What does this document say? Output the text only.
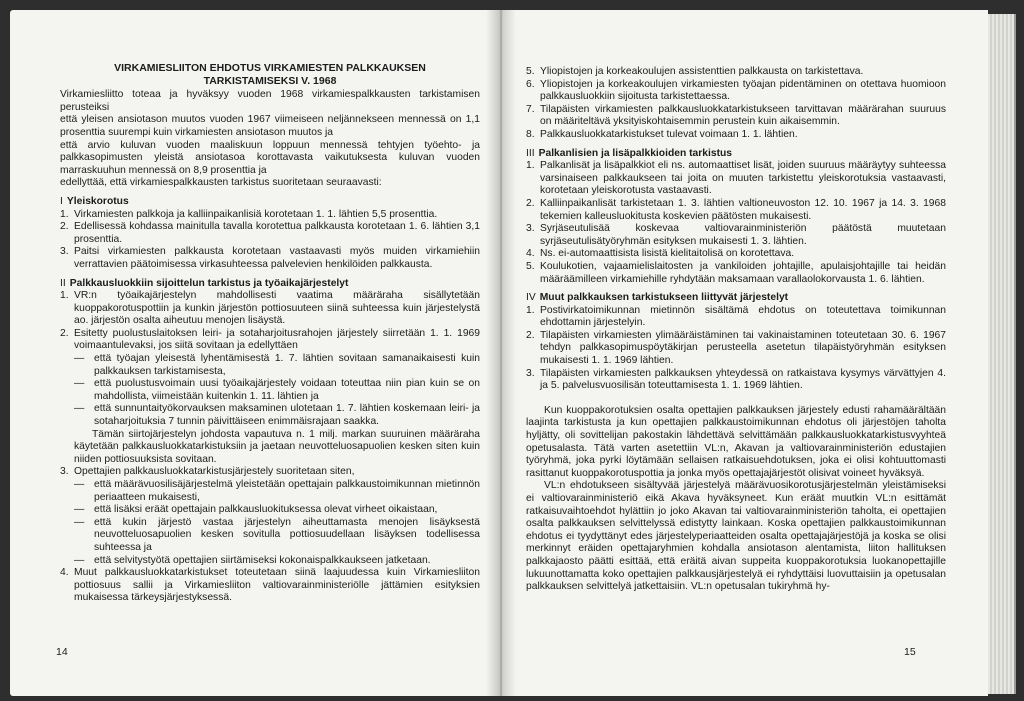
VIRKAMIESLIITON EHDOTUS VIRKAMIESTEN PALKKAUKSEN
TARKISTAMISEKSI V. 1968

Virkamiesliitto toteaa ja hyväksyy vuoden 1968 virkamiespalkkausten tarkistamisen perusteiksi

että yleisen ansiotason muutos vuoden 1967 viimeiseen neljännekseen mennessä on 1,1 prosenttia suurempi kuin virkamiesten ansiotason muutos ja

että arvio kuluvan vuoden maaliskuun loppuun mennessä tehtyjen työehto- ja palkkasopimusten yleistä ansiotasoa korottavasta vaikutuksesta kuluvan vuoden marraskuuhun mennessä on 8,9 prosenttia ja

edellyttää, että virkamiespalkkausten tarkistus suoritetaan seuraavasti:

I Yleiskorotus
1. Virkamiesten palkkoja ja kalliinpaikanlisiä korotetaan 1. 1. lähtien 5,5 prosenttia.
2. Edellisessä kohdassa mainitulla tavalla korotettua palkkausta korotetaan 1. 6. lähtien 3,1 prosenttia.
3. Paitsi virkamiesten palkkausta korotetaan vastaavasti myös muiden virkamiehiin verrattavien päätoimisessa virkasuhteessa palvelevien henkilöiden palkkausta.
II Palkkausluokkiin sijoittelun tarkistus ja työaikajärjestelyt
1. VR:n työaikajärjestelyn mahdollisesti vaatima määräraha sisällytetään kuoppakorotuspottiin ja kunkin järjestön pottiosuuteen siinä suhteessa kuin järjestelystä ao. järjestön osalta aiheutuu menojen lisäystä.
2. Esitetty puolustuslaitoksen leiri- ja sotaharjoitusrahojen järjestely siirretään 1. 1. 1969 voimaantulevaksi, jos siitä sovitaan ja edellyttäen
— että työajan yleisestä lyhentämisestä 1. 7. lähtien sovitaan samanaikaisesti kuin palkkauksen tarkistamisesta,
— että puolustusvoimain uusi työaikajärjestely voidaan toteuttaa niin pian kuin se on mahdollista, viimeistään kuitenkin 1. 11. lähtien ja
— että sunnuntaityökorvauksen maksaminen ulotetaan 1. 7. lähtien koskemaan leiri- ja sotaharjoituksia 7 tunnin päivittäiseen enimmäisrajaan saakka.

Tämän siirtojärjestelyn johdosta vapautuva n. 1 milj. markan suuruinen määräraha käytetään palkkausluokkatarkistuksiin ja jaetaan neuvotteluosapuolien kesken siten kuin niiden pottiosuuksista sovitaan.

3. Opettajien palkkausluokkatarkistusjärjestely suoritetaan siten,
— että määrävuosilisäjärjestelmä yleistetään opettajain palkkaustoimikunnan mietinnön periaatteen mukaisesti,
— että lisäksi eräät opettajain palkkausluokituksessa olevat virheet oikaistaan,
— että kukin järjestö vastaa järjestelyn aiheuttamasta menojen lisäyksestä neuvotteluosapuolien kesken sovitulla pottiosuudellaan lisäyksen todellisessa suhteessa ja
— että selvitystyötä opettajien siirtämiseksi kokonaispalkkaukseen jatketaan.
4. Muut palkkausluokkatarkistukset toteutetaan siinä laajuudessa kuin Virkamiesliiton pottiosuus sallii ja Virkamiesliiton valtiovarainministeriölle jättämien esityksien mukaisessa tärkeysjärjestyksessä.
14
5. Yliopistojen ja korkeakoulujen assistenttien palkkausta on tarkistettava.
6. Yliopistojen ja korkeakoulujen virkamiesten työajan pidentäminen on otettava huomioon palkkausluokkiin sijoitusta tarkistettaessa.
7. Tilapäisten virkamiesten palkkausluokkatarkistukseen tarvittavan määrärahan suuruus on määriteltävä yksityiskohtaisemmin perustein kuin aikaisemmin.
8. Palkkausluokkatarkistukset tulevat voimaan 1. 1. lähtien.
III Palkanlisien ja lisäpalkkioiden tarkistus
1. Palkanlisät ja lisäpalkkiot eli ns. automaattiset lisät, joiden suuruus määräytyy suhteessa varsinaiseen palkkaukseen tai joita on muuten tarkistettu yleiskorotuksia vastaavasti, korotetaan yleiskorotusta vastaavasti.
2. Kalliinpaikanlisät tarkistetaan 1. 3. lähtien valtioneuvoston 12. 10. 1967 ja 14. 3. 1968 tekemien kalleusluokitusta koskevien päätösten mukaisesti.
3. Syrjäseutulisää koskevaa valtiovarainministeriön päätöstä muutetaan syrjäseutulisätyöryhmän esityksen mukaisesti 1. 3. lähtien.
4. Ns. ei-automaattisista lisistä kielitaitolisä on korotettava.
5. Koulukotien, vajaamielislaitosten ja vankiloiden johtajille, apulaisjohtajille tai heidän määräämilleen virkamiehille ryhdytään maksamaan varallaolokorvausta 1. 6. lähtien.
IV Muut palkkauksen tarkistukseen liittyvät järjestelyt
1. Postivirkatoimikunnan mietinnön sisältämä ehdotus on toteutettava toimikunnan ehdottamin järjestelyin.
2. Tilapäisten virkamiesten ylimääräistäminen tai vakinaistaminen toteutetaan 30. 6. 1967 tehdyn palkkasopimuspöytäkirjan perusteella asetetun tilapäistyöryhmän esityksen mukaisesti 1. 1. 1969 lähtien.
3. Tilapäisten virkamiesten palkkauksen yhteydessä on ratkaistava kysymys värvättyjen 4. ja 5. palvelusvuosilisän toteuttamisesta 1. 1. 1969 lähtien.

Kun kuoppakorotuksien osalta opettajien palkkauksen järjestely edusti rahamäärältään laajinta tarkistusta ja kun opettajien palkkaustoimikunnan ehdotus oli järjestöjen taholta hyljätty, oli sovittelijan pakostakin lähdettävä selvittämään palkkausluokkatarkistusvyyhteä opetusalasta. Tätä varten asetettiin VL:n, Akavan ja valtiovarainministeriön edustajien työryhmä, joka pyrki löytämään sellaisen ratkaisuehdotuksen, joka ei olisi kohtuuttomasti rasittanut kuoppakorotuspottia ja jonka myös opettajajärjestöt olisivat voineet hyväksyä.

VL:n ehdotukseen sisältyvää järjestelyä määrävuosikorotusjärjestelmän yleistämiseksi ei valtiovarainministeriö eikä Akava hyväksyneet. Kun eräät muutkin VL:n esittämät ratkaisuvaihtoehdot hylättiin jo joko Akavan tai valtiovarainministeriön taholta, ei opettajien osalta palkkauksen selvittelyssä edistytty lainkaan. Koska opettajien palkkaustoimikunnan ehdotus ei tyydyttänyt edes järjestelyperiaatteiden osalta opettajajärjestöjä ja koska se olisi merkinnyt eräiden opettajaryhmien kohdalla ansiotason alentamista, liiton hallituksen palkkajaosto päätti esittää, että eräitä aivan suppeita kuoppakorotuksia luokanopettajille lukuunottamatta koko opettajien palkkausjärjestelyä ei ryhdyttäisi luovuttaisiin ja opetusalan palkkauksen selvittelyä jatkettaisiin. VL:n opetusalan tukiryhmä hy-

15
